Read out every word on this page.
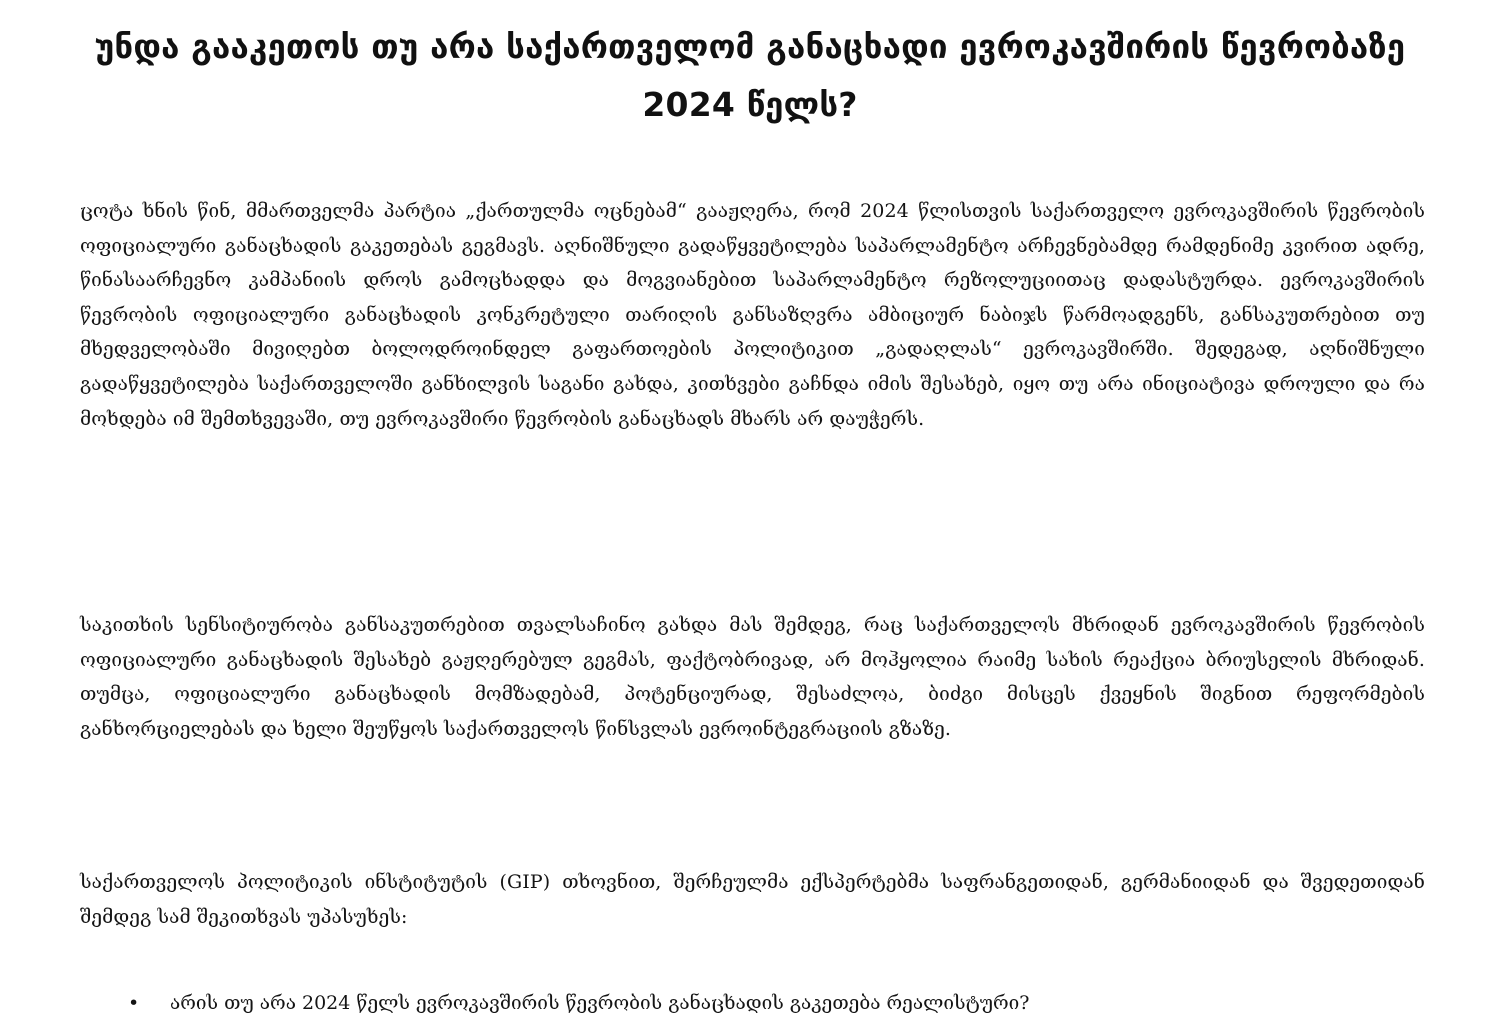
უნდა გააკეთოს თუ არა საქართველომ განაცხადი ევროკავშირის წევრობაზე 2024 წელს?

ცოტა ხნის წინ, მმართველმა პარტია „ქართულმა ოცნებამ“ გააჟღერა, რომ 2024 წლისთვის საქართველო ევროკავშირის წევრობის ოფიციალური განაცხადის გაკეთებას გეგმავს. აღნიშნული გადაწყვეტილება საპარლამენტო არჩევნებამდე რამდენიმე კვირით ადრე, წინასაარჩევნო კამპანიის დროს გამოცხადდა და მოგვიანებით საპარლამენტო რეზოლუციითაც დადასტურდა. ევროკავშირის წევრობის ოფიციალური განაცხადის კონკრეტული თარიღის განსაზღვრა ამბიციურ ნაბიჯს წარმოადგენს, განსაკუთრებით თუ მხედველობაში მივიღებთ ბოლოდროინდელ გაფართოების პოლიტიკით „გადაღლას“ ევროკავშირში. შედეგად, აღნიშნული გადაწყვეტილება საქართველოში განხილვის საგანი გახდა, კითხვები გაჩნდა იმის შესახებ, იყო თუ არა ინიციატივა დროული და რა მოხდება იმ შემთხვევაში, თუ ევროკავშირი წევრობის განაცხადს მხარს არ დაუჭერს.

საკითხის სენსიტიურობა განსაკუთრებით თვალსაჩინო გახდა მას შემდეგ, რაც საქართველოს მხრიდან ევროკავშირის წევრობის ოფიციალური განაცხადის შესახებ გაჟღერებულ გეგმას, ფაქტობრივად, არ მოჰყოლია რაიმე სახის რეაქცია ბრიუსელის მხრიდან. თუმცა, ოფიციალური განაცხადის მომზადებამ, პოტენციურად, შესაძლოა, ბიძგი მისცეს ქვეყნის შიგნით რეფორმების განხორციელებას და ხელი შეუწყოს საქართველოს წინსვლას ევროინტეგრაციის გზაზე.

საქართველოს პოლიტიკის ინსტიტუტის (GIP) თხოვნით, შერჩეულმა ექსპერტებმა საფრანგეთიდან, გერმანიიდან და შვედეთიდან შემდეგ სამ შეკითხვას უპასუხეს:

• არის თუ არა 2024 წელს ევროკავშირის წევრობის განაცხადის გაკეთება რეალისტური?
